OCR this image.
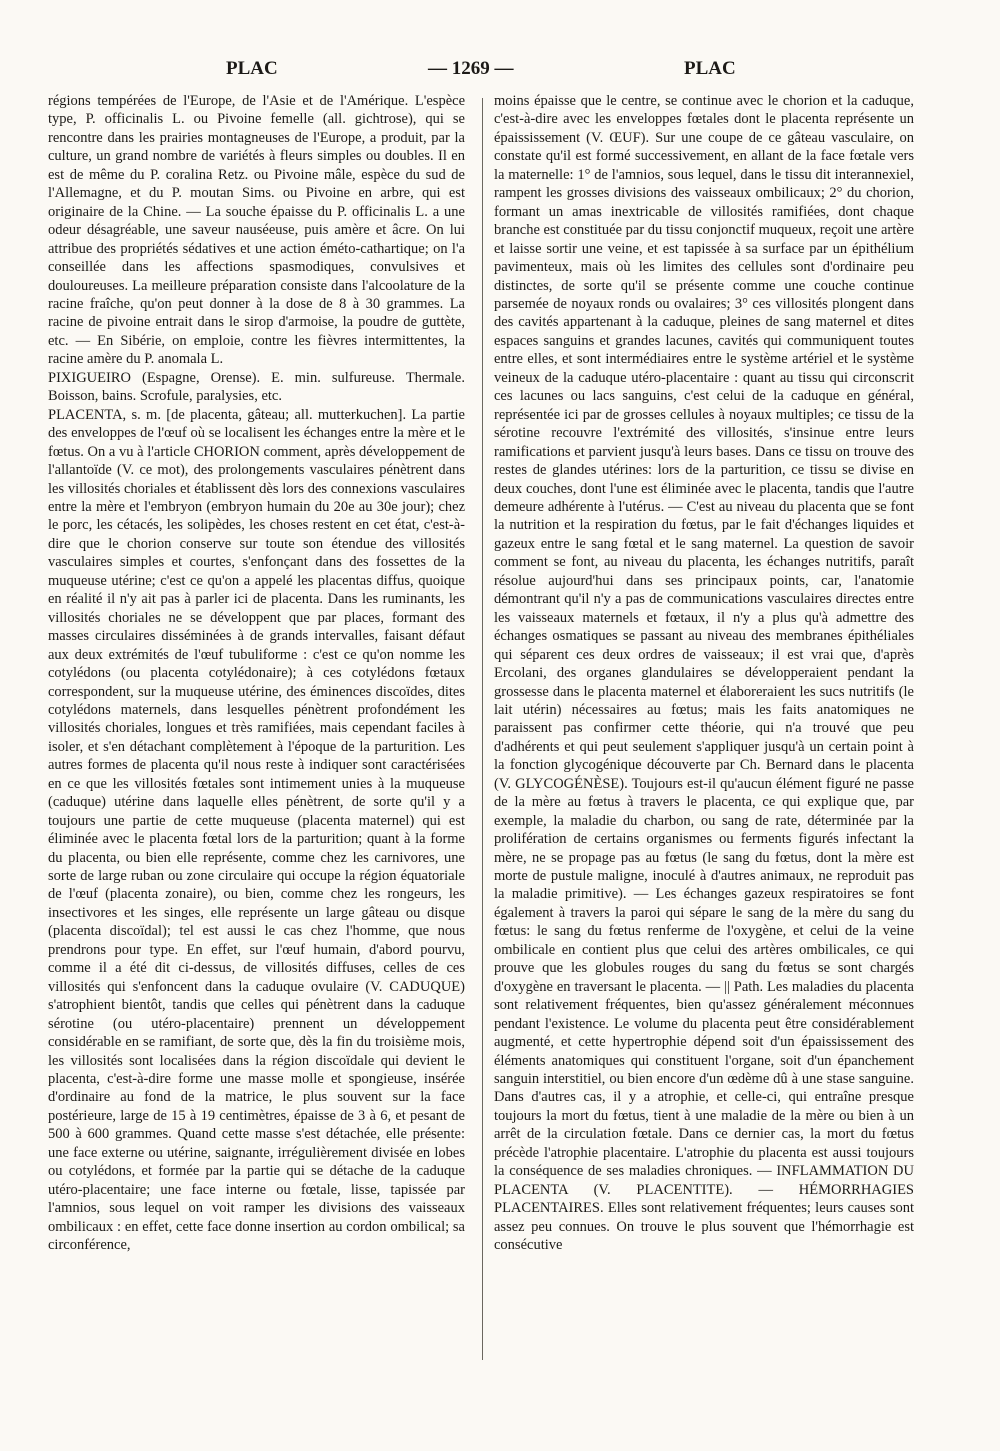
PLAC	— 1269 —	PLAC

régions tempérées de l'Europe, de l'Asie et de l'Amérique. L'espèce type, P. officinalis L. ou Pivoine femelle (all. gichtrose), qui se rencontre dans les prairies montagneuses de l'Europe, a produit, par la culture, un grand nombre de variétés à fleurs simples ou doubles. Il en est de même du P. coralina Retz. ou Pivoine mâle, espèce du sud de l'Allemagne, et du P. moutan Sims. ou Pivoine en arbre, qui est originaire de la Chine. — La souche épaisse du P. officinalis L. a une odeur désagréable, une saveur nauséeuse, puis amère et âcre. On lui attribue des propriétés sédatives et une action éméto-cathartique; on l'a conseillée dans les affections spasmodiques, convulsives et douloureuses. La meilleure préparation consiste dans l'alcoolature de la racine fraîche, qu'on peut donner à la dose de 8 à 30 grammes. La racine de pivoine entrait dans le sirop d'armoise, la poudre de guttète, etc. — En Sibérie, on emploie, contre les fièvres intermittentes, la racine amère du P. anomala L.

PIXIGUEIRO (Espagne, Orense). E. min. sulfureuse. Thermale. Boisson, bains. Scrofule, paralysies, etc.

PLACENTA, s. m. [de placenta, gâteau; all. mutterkuchen]. La partie des enveloppes de l'œuf où se localisent les échanges entre la mère et le fœtus. On a vu à l'article CHORION comment, après développement de l'allantoïde (V. ce mot), des prolongements vasculaires pénètrent dans les villosités choriales et établissent dès lors des connexions vasculaires entre la mère et l'embryon (embryon humain du 20e au 30e jour); chez le porc, les cétacés, les solipèdes, les choses restent en cet état, c'est-à-dire que le chorion conserve sur toute son étendue des villosités vasculaires simples et courtes, s'enfonçant dans des fossettes de la muqueuse utérine; c'est ce qu'on a appelé les placentas diffus, quoique en réalité il n'y ait pas à parler ici de placenta. Dans les ruminants, les villosités choriales ne se développent que par places, formant des masses circulaires disséminées à de grands intervalles, faisant défaut aux deux extrémités de l'œuf tubuliforme : c'est ce qu'on nomme les cotylédons (ou placenta cotylédonaire); à ces cotylédons fœtaux correspondent, sur la muqueuse utérine, des éminences discoïdes, dites cotylédons maternels, dans lesquelles pénètrent profondément les villosités choriales, longues et très ramifiées, mais cependant faciles à isoler, et s'en détachant complètement à l'époque de la parturition. Les autres formes de placenta qu'il nous reste à indiquer sont caractérisées en ce que les villosités fœtales sont intimement unies à la muqueuse (caduque) utérine dans laquelle elles pénètrent, de sorte qu'il y a toujours une partie de cette muqueuse (placenta maternel) qui est éliminée avec le placenta fœtal lors de la parturition; quant à la forme du placenta, ou bien elle représente, comme chez les carnivores, une sorte de large ruban ou zone circulaire qui occupe la région équatoriale de l'œuf (placenta zonaire), ou bien, comme chez les rongeurs, les insectivores et les singes, elle représente un large gâteau ou disque (placenta discoïdal); tel est aussi le cas chez l'homme, que nous prendrons pour type. En effet, sur l'œuf humain, d'abord pourvu, comme il a été dit ci-dessus, de villosités diffuses, celles de ces villosités qui s'enfoncent dans la caduque ovulaire (V. CADUQUE) s'atrophient bientôt, tandis que celles qui pénètrent dans la caduque sérotine (ou utéro-placentaire) prennent un développement considérable en se ramifiant, de sorte que, dès la fin du troisième mois, les villosités sont localisées dans la région discoïdale qui devient le placenta, c'est-à-dire forme une masse molle et spongieuse, insérée d'ordinaire au fond de la matrice, le plus souvent sur la face postérieure, large de 15 à 19 centimètres, épaisse de 3 à 6, et pesant de 500 à 600 grammes. Quand cette masse s'est détachée, elle présente: une face externe ou utérine, saignante, irrégulièrement divisée en lobes ou cotylédons, et formée par la partie qui se détache de la caduque utéro-placentaire; une face interne ou fœtale, lisse, tapissée par l'amnios, sous lequel on voit ramper les divisions des vaisseaux ombilicaux : en effet, cette face donne insertion au cordon ombilical; sa circonférence,

moins épaisse que le centre, se continue avec le chorion et la caduque, c'est-à-dire avec les enveloppes fœtales dont le placenta représente un épaississement (V. ŒUF). Sur une coupe de ce gâteau vasculaire, on constate qu'il est formé successivement, en allant de la face fœtale vers la maternelle: 1° de l'amnios, sous lequel, dans le tissu dit interannexiel, rampent les grosses divisions des vaisseaux ombilicaux; 2° du chorion, formant un amas inextricable de villosités ramifiées, dont chaque branche est constituée par du tissu conjonctif muqueux, reçoit une artère et laisse sortir une veine, et est tapissée à sa surface par un épithélium pavimenteux, mais où les limites des cellules sont d'ordinaire peu distinctes, de sorte qu'il se présente comme une couche continue parsemée de noyaux ronds ou ovalaires; 3° ces villosités plongent dans des cavités appartenant à la caduque, pleines de sang maternel et dites espaces sanguins et grandes lacunes, cavités qui communiquent toutes entre elles, et sont intermédiaires entre le système artériel et le système veineux de la caduque utéro-placentaire : quant au tissu qui circonscrit ces lacunes ou lacs sanguins, c'est celui de la caduque en général, représentée ici par de grosses cellules à noyaux multiples; ce tissu de la sérotine recouvre l'extrémité des villosités, s'insinue entre leurs ramifications et parvient jusqu'à leurs bases. Dans ce tissu on trouve des restes de glandes utérines: lors de la parturition, ce tissu se divise en deux couches, dont l'une est éliminée avec le placenta, tandis que l'autre demeure adhérente à l'utérus. — C'est au niveau du placenta que se font la nutrition et la respiration du fœtus, par le fait d'échanges liquides et gazeux entre le sang fœtal et le sang maternel. La question de savoir comment se font, au niveau du placenta, les échanges nutritifs, paraît résolue aujourd'hui dans ses principaux points, car, l'anatomie démontrant qu'il n'y a pas de communications vasculaires directes entre les vaisseaux maternels et fœtaux, il n'y a plus qu'à admettre des échanges osmatiques se passant au niveau des membranes épithéliales qui séparent ces deux ordres de vaisseaux; il est vrai que, d'après Ercolani, des organes glandulaires se développeraient pendant la grossesse dans le placenta maternel et élaboreraient les sucs nutritifs (le lait utérin) nécessaires au fœtus; mais les faits anatomiques ne paraissent pas confirmer cette théorie, qui n'a trouvé que peu d'adhérents et qui peut seulement s'appliquer jusqu'à un certain point à la fonction glycogénique découverte par Ch. Bernard dans le placenta (V. GLYCOGÉNÈSE). Toujours est-il qu'aucun élément figuré ne passe de la mère au fœtus à travers le placenta, ce qui explique que, par exemple, la maladie du charbon, ou sang de rate, déterminée par la prolifération de certains organismes ou ferments figurés infectant la mère, ne se propage pas au fœtus (le sang du fœtus, dont la mère est morte de pustule maligne, inoculé à d'autres animaux, ne reproduit pas la maladie primitive). — Les échanges gazeux respiratoires se font également à travers la paroi qui sépare le sang de la mère du sang du fœtus: le sang du fœtus renferme de l'oxygène, et celui de la veine ombilicale en contient plus que celui des artères ombilicales, ce qui prouve que les globules rouges du sang du fœtus se sont chargés d'oxygène en traversant le placenta. — || Path. Les maladies du placenta sont relativement fréquentes, bien qu'assez généralement méconnues pendant l'existence. Le volume du placenta peut être considérablement augmenté, et cette hypertrophie dépend soit d'un épaississement des éléments anatomiques qui constituent l'organe, soit d'un épanchement sanguin interstitiel, ou bien encore d'un œdème dû à une stase sanguine. Dans d'autres cas, il y a atrophie, et celle-ci, qui entraîne presque toujours la mort du fœtus, tient à une maladie de la mère ou bien à un arrêt de la circulation fœtale. Dans ce dernier cas, la mort du fœtus précède l'atrophie placentaire. L'atrophie du placenta est aussi toujours la conséquence de ses maladies chroniques. — INFLAMMATION DU PLACENTA (V. PLACENTITE). — HÉMORRHAGIES PLACENTAIRES. Elles sont relativement fréquentes; leurs causes sont assez peu connues. On trouve le plus souvent que l'hémorrhagie est consécutive
